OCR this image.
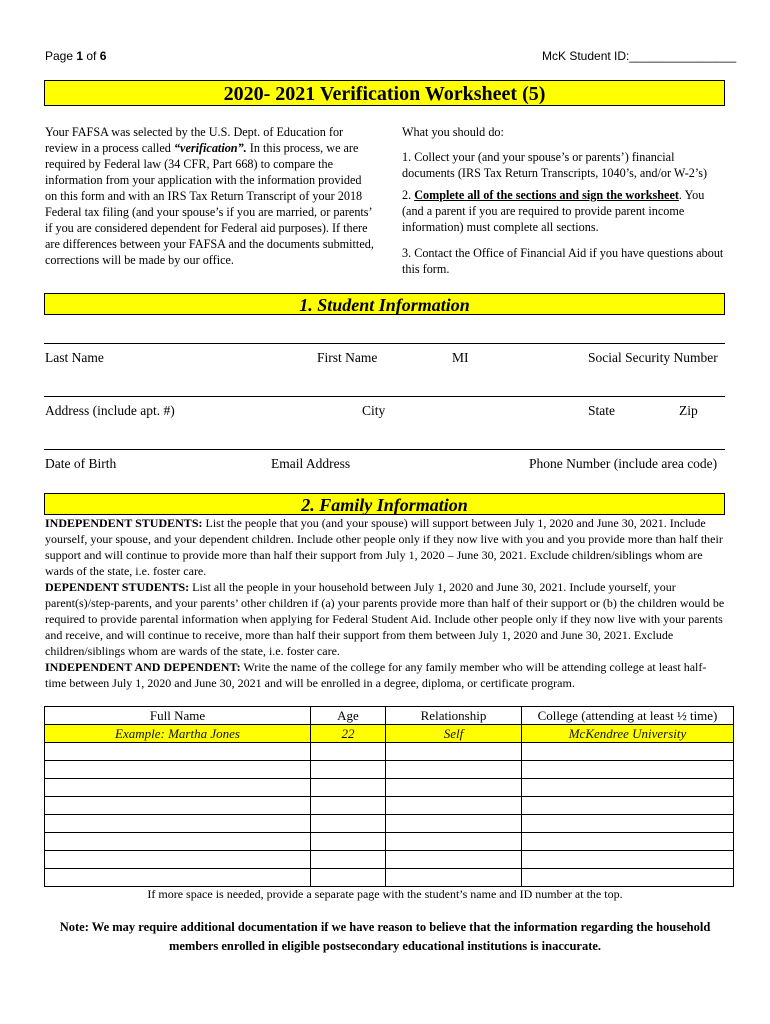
Page 1 of 6	McK Student ID:________________
2020- 2021 Verification Worksheet (5)
Your FAFSA was selected by the U.S. Dept. of Education for review in a process called “verification”. In this process, we are required by Federal law (34 CFR, Part 668) to compare the information from your application with the information provided on this form and with an IRS Tax Return Transcript of your 2018 Federal tax filing (and your spouse’s if you are married, or parents’ if you are considered dependent for Federal aid purposes). If there are differences between your FAFSA and the documents submitted, corrections will be made by our office.
What you should do:
1. Collect your (and your spouse’s or parents’) financial documents (IRS Tax Return Transcripts, 1040’s, and/or W-2’s)
2. Complete all of the sections and sign the worksheet. You (and a parent if you are required to provide parent income information) must complete all sections.
3. Contact the Office of Financial Aid if you have questions about this form.
1. Student Information
Last Name	First Name	MI	Social Security Number
Address (include apt. #)	City	State	Zip
Date of Birth	Email Address	Phone Number (include area code)
2. Family Information

INDEPENDENT STUDENTS: List the people that you (and your spouse) will support between July 1, 2020 and June 30, 2021. Include yourself, your spouse, and your dependent children. Include other people only if they now live with you and you provide more than half their support and will continue to provide more than half their support from July 1, 2020 – June 30, 2021. Exclude children/siblings whom are wards of the state, i.e. foster care.

DEPENDENT STUDENTS: List all the people in your household between July 1, 2020 and June 30, 2021. Include yourself, your parent(s)/step-parents, and your parents’ other children if (a) your parents provide more than half of their support or (b) the children would be required to provide parental information when applying for Federal Student Aid. Include other people only if they now live with your parents and receive, and will continue to receive, more than half their support from them between July 1, 2020 and June 30, 2021. Exclude children/siblings whom are wards of the state, i.e. foster care.

INDEPENDENT AND DEPENDENT: Write the name of the college for any family member who will be attending college at least half-time between July 1, 2020 and June 30, 2021 and will be enrolled in a degree, diploma, or certificate program.

Full Name	Age	Relationship	College (attending at least ½ time)
Example: Martha Jones	22	Self	McKendree University

If more space is needed, provide a separate page with the student’s name and ID number at the top.
Note: We may require additional documentation if we have reason to believe that the information regarding the household members enrolled in eligible postsecondary educational institutions is inaccurate.
